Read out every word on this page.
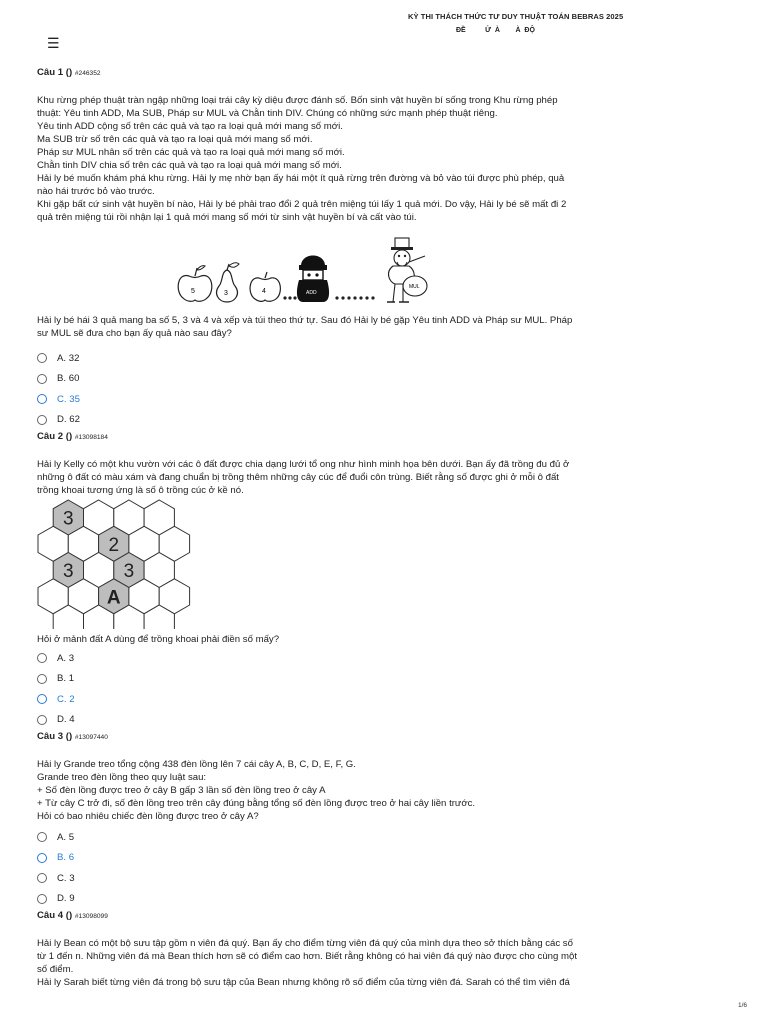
KỲ THI THÁCH THỨC TƯ DUY THUẬT TOÁN BEBRAS 2025
ĐỀ          Ứ  À        À  ĐỘ
☰

Câu 1 () #246352

Khu rừng phép thuật tràn ngập những loại trái cây kỳ diệu được đánh số. Bốn sinh vật huyền bí sống trong Khu rừng phép
thuật: Yêu tinh ADD, Ma SUB, Pháp sư MUL và Chằn tinh DIV. Chúng có những sức mạnh phép thuật riêng.
Yêu tinh ADD cộng số trên các quả và tạo ra loại quả mới mang số mới.
Ma SUB trừ số trên các quả và tạo ra loại quả mới mang số mới.
Pháp sư MUL nhân số trên các quả và tạo ra loại quả mới mang số mới.
Chằn tinh DIV chia số trên các quả và tạo ra loại quả mới mang số mới.
Hải ly bé muốn khám phá khu rừng. Hải ly mẹ nhờ bạn ấy hái một ít quả rừng trên đường và bỏ vào túi được phù phép, quả
nào hái trước bỏ vào trước.
Khi gặp bất cứ sinh vật huyền bí nào, Hải ly bé phải trao đổi 2 quả trên miệng túi lấy 1 quả mới. Do vậy, Hải ly bé sẽ mất đi 2
quả trên miệng túi rồi nhận lại 1 quả mới mang số mới từ sinh vật huyền bí và cất vào túi.

5	3	4	ADD
MUL

Hải ly bé hái 3 quả mang ba số 5, 3 và 4 và xếp và túi theo thứ tự. Sau đó Hải ly bé gặp Yêu tinh ADD và Pháp sư MUL. Pháp
sư MUL sẽ đưa cho bạn ấy quả nào sau đây?

A. 32
B. 60
C. 35
D. 62

Câu 2 () #13098184

Hải ly Kelly có một khu vườn với các ô đất được chia dạng lưới tổ ong như hình minh họa bên dưới. Bạn ấy đã trồng đu đủ ở
những ô đất có màu xám và đang chuẩn bị trồng thêm những cây cúc để đuổi côn trùng. Biết rằng số được ghi ở mỗi ô đất
trồng khoai tương ứng là số ô trồng cúc ở kề nó.

3
2
3	3
A

Hỏi ở mảnh đất A dùng để trồng khoai phải điền số mấy?

A. 3
B. 1
C. 2
D. 4

Câu 3 () #13097440

Hải ly Grande treo tổng cộng 438 đèn lồng lên 7 cái cây A, B, C, D, E, F, G.
Grande treo đèn lồng theo quy luật sau:
+ Số đèn lồng được treo ở cây B gấp 3 lần số đèn lồng treo ở cây A
+ Từ cây C trở đi, số đèn lồng treo trên cây đúng bằng tổng số đèn lồng được treo ở hai cây liền trước.
Hỏi có bao nhiêu chiếc đèn lồng được treo ở cây A?

A. 5
B. 6
C. 3
D. 9

Câu 4 () #13098099

Hải ly Bean có một bộ sưu tập gồm n viên đá quý. Bạn ấy cho điểm từng viên đá quý của mình dựa theo sở thích bằng các số
từ 1 đến n. Những viên đá mà Bean thích hơn sẽ có điểm cao hơn. Biết rằng không có hai viên đá quý nào được cho cùng một
số điểm.
Hải ly Sarah biết từng viên đá trong bộ sưu tập của Bean nhưng không rõ số điểm của từng viên đá. Sarah có thể tìm viên đá

1/6
